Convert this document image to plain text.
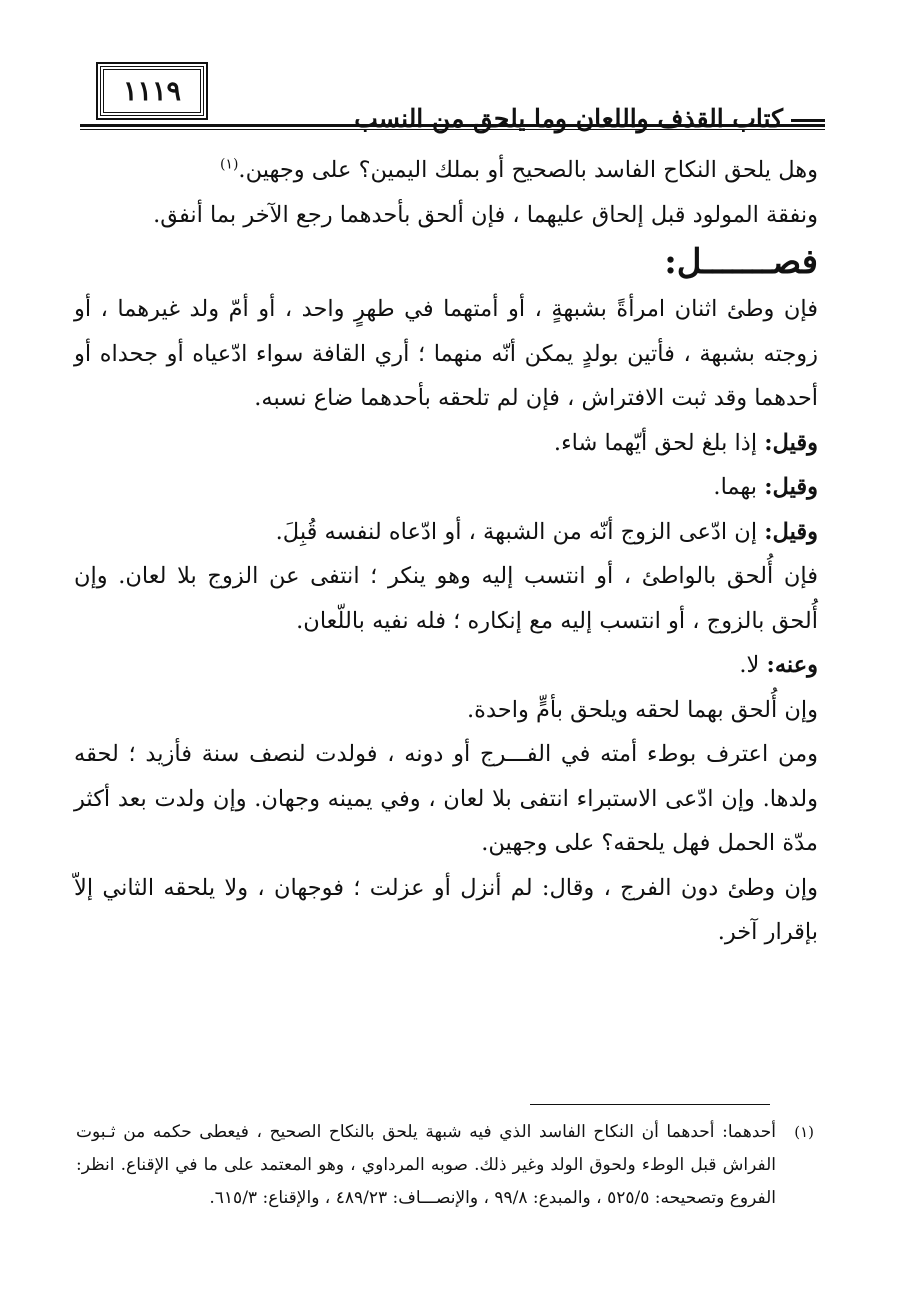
١١١٩
كتاب القذف واللعان وما يلحق من النسب

وهل يلحق النكاح الفاسد بالصحيح أو بملك اليمين؟ على وجهين.$^{(١)}$

ونفقة المولود قبل إلحاق عليهما ، فإن ألحق بأحدهما رجع الآخر بما أنفق.

فصـــــــل:

فإن وطئ اثنان امرأةً بشبهةٍ ، أو أمتهما في طهرٍ واحد ، أو أمّ ولد غيرهما ، أو زوجته بشبهة ، فأتين بولدٍ يمكن أنّه منهما ؛ أري القافة سواء ادّعياه أو جحداه أو أحدهما وقد ثبت الافتراش ، فإن لم تلحقه بأحدهما ضاع نسبه.

وقيل: إذا بلغ لحق أيّهما شاء.

وقيل: بهما.

وقيل: إن ادّعى الزوج أنّه من الشبهة ، أو ادّعاه لنفسه قُبِلَ.

فإن أُلحق بالواطئ ، أو انتسب إليه وهو ينكر ؛ انتفى عن الزوج بلا لعان. وإن أُلحق بالزوج ، أو انتسب إليه مع إنكاره ؛ فله نفيه باللّعان.

وعنه: لا.

وإن أُلحق بهما لحقه ويلحق بأمٍّ واحدة.

ومن اعترف بوطء أمته في الفـــرج أو دونه ، فولدت لنصف سنة فأزيد ؛ لحقه ولدها. وإن ادّعى الاستبراء انتفى بلا لعان ، وفي يمينه وجهان. وإن ولدت بعد أكثر مدّة الحمل فهل يلحقه؟ على وجهين.

وإن وطئ دون الفرج ، وقال: لم أنزل أو عزلت ؛ فوجهان ، ولا يلحقه الثاني إلاّ بإقرار آخر.

(١)أحدهما: أحدهما أن النكاح الفاسد الذي فيه شبهة يلحق بالنكاح الصحيح ، فيعطى حكمه من ثـبوت الفراش قبل الوطء ولحوق الولد وغير ذلك. صوبه المرداوي ، وهو المعتمد على ما في الإقناع. انظر: الفروع وتصحيحه: ٥٢٥/٥ ، والمبدع: ٩٩/٨ ، والإنصـــاف: ٤٨٩/٢٣ ، والإقناع: ٦١٥/٣.
